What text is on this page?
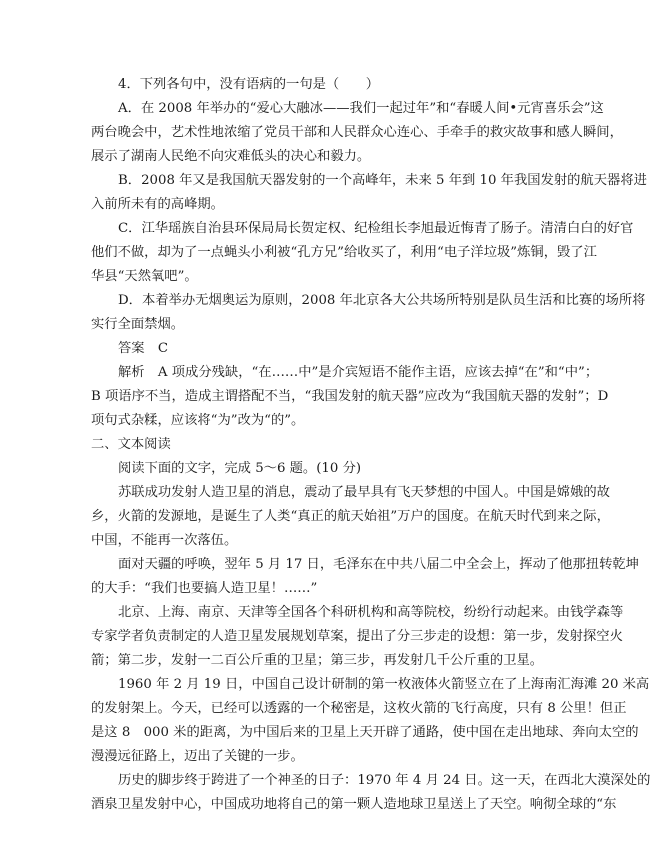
4．下列各句中，没有语病的一句是（　　）
A．在 2008 年举办的“爱心大融冰——我们一起过年”和“春暖人间•元宵喜乐会”这
两台晚会中，艺术性地浓缩了党员干部和人民群众心连心、手牵手的救灾故事和感人瞬间，
展示了湖南人民绝不向灾难低头的决心和毅力。
B．2008 年又是我国航天器发射的一个高峰年，未来 5 年到 10 年我国发射的航天器将进
入前所未有的高峰期。
C．江华瑶族自治县环保局局长贺定权、纪检组长李旭最近悔青了肠子。清清白白的好官
他们不做，却为了一点蝇头小利被“孔方兄”给收买了，利用“电子洋垃圾”炼铜，毁了江
华县“天然氧吧”。
D．本着举办无烟奥运为原则，2008 年北京各大公共场所特别是队员生活和比赛的场所将
实行全面禁烟。
答案　C
解析　A 项成分残缺，“在……中”是介宾短语不能作主语，应该去掉“在”和“中”；
B 项语序不当，造成主谓搭配不当，“我国发射的航天器”应改为“我国航天器的发射”；D
项句式杂糅，应该将“为”改为“的”。
二、文本阅读
阅读下面的文字，完成 5～6 题。(10 分)
苏联成功发射人造卫星的消息，震动了最早具有飞天梦想的中国人。中国是嫦娥的故
乡，火箭的发源地，是诞生了人类“真正的航天始祖”万户的国度。在航天时代到来之际，
中国，不能再一次落伍。
面对天疆的呼唤，翌年 5 月 17 日，毛泽东在中共八届二中全会上，挥动了他那扭转乾坤
的大手：“我们也要搞人造卫星！……”
北京、上海、南京、天津等全国各个科研机构和高等院校，纷纷行动起来。由钱学森等
专家学者负责制定的人造卫星发展规划草案，提出了分三步走的设想：第一步，发射探空火
箭；第二步，发射一二百公斤重的卫星；第三步，再发射几千公斤重的卫星。
1960 年 2 月 19 日，中国自己设计研制的第一枚液体火箭竖立在了上海南汇海滩 20 米高
的发射架上。今天，已经可以透露的一个秘密是，这枚火箭的飞行高度，只有 8 公里！但正
是这 8　000 米的距离，为中国后来的卫星上天开辟了通路，使中国在走出地球、奔向太空的
漫漫远征路上，迈出了关键的一步。
历史的脚步终于跨进了一个神圣的日子：1970 年 4 月 24 日。这一天，在西北大漠深处的
酒泉卫星发射中心，中国成功地将自己的第一颗人造地球卫星送上了天空。响彻全球的“东
